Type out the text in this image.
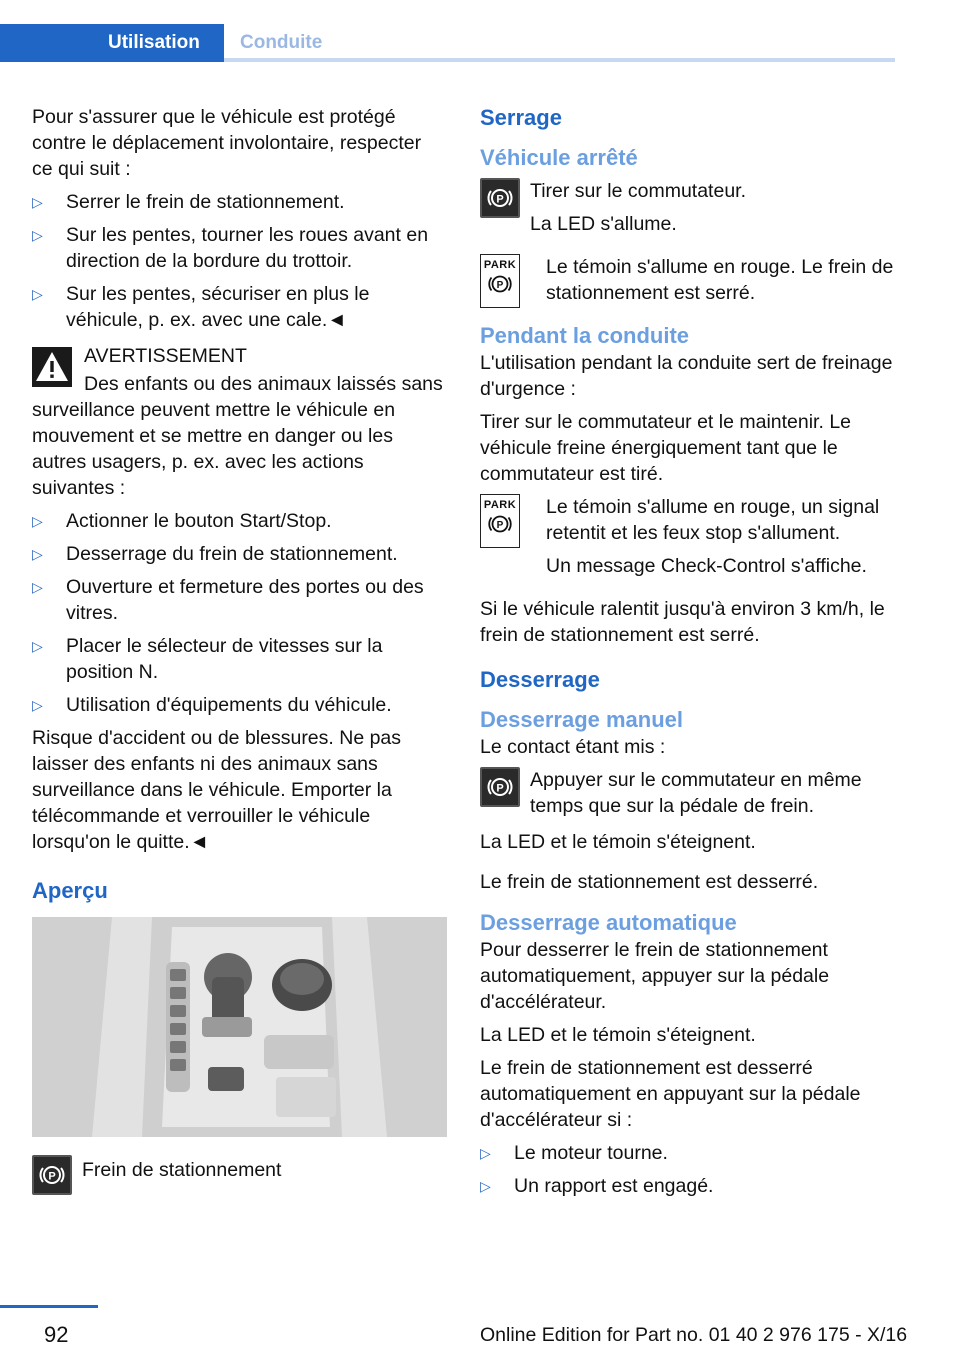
Utilisation	Conduite

Pour s'assurer que le véhicule est protégé contre le déplacement involontaire, respecter ce qui suit :

▷ Serrer le frein de stationnement.
▷ Sur les pentes, tourner les roues avant en direction de la bordure du trottoir.
▷ Sur les pentes, sécuriser en plus le véhicule, p. ex. avec une cale.◄
AVERTISSEMENT

Des enfants ou des animaux laissés sans surveillance peuvent mettre le véhicule en mouvement et se mettre en danger ou les autres usagers, p. ex. avec les actions suivantes :

▷ Actionner le bouton Start/Stop.
▷ Desserrage du frein de stationnement.
▷ Ouverture et fermeture des portes ou des vitres.
▷ Placer le sélecteur de vitesses sur la position N.
▷ Utilisation d'équipements du véhicule.

Risque d'accident ou de blessures. Ne pas laisser des enfants ni des animaux sans surveillance dans le véhicule. Emporter la télécommande et verrouiller le véhicule lorsqu'on le quitte.◄

Aperçu
P Frein de stationnement
Serrage
Véhicule arrêté
P Tirer sur le commutateur.

La LED s'allume.

PARK
P
Le témoin s'allume en rouge. Le frein de stationnement est serré.
Pendant la conduite

L'utilisation pendant la conduite sert de freinage d'urgence :

Tirer sur le commutateur et le maintenir. Le véhicule freine énergiquement tant que le commutateur est tiré.

PARK
P

Le témoin s'allume en rouge, un signal retentit et les feux stop s'allument.

Un message Check-Control s'affiche.

Si le véhicule ralentit jusqu'à environ 3 km/h, le frein de stationnement est serré.

Desserrage
Desserrage manuel

Le contact étant mis :

P Appuyer sur le commutateur en même temps que sur la pédale de frein.

La LED et le témoin s'éteignent.

Le frein de stationnement est desserré.

Desserrage automatique

Pour desserrer le frein de stationnement automatiquement, appuyer sur la pédale d'accélérateur.

La LED et le témoin s'éteignent.

Le frein de stationnement est desserré automatiquement en appuyant sur la pédale d'accélérateur si :

▷ Le moteur tourne.
▷ Un rapport est engagé.
92	Online Edition for Part no. 01 40 2 976 175 - X/16
